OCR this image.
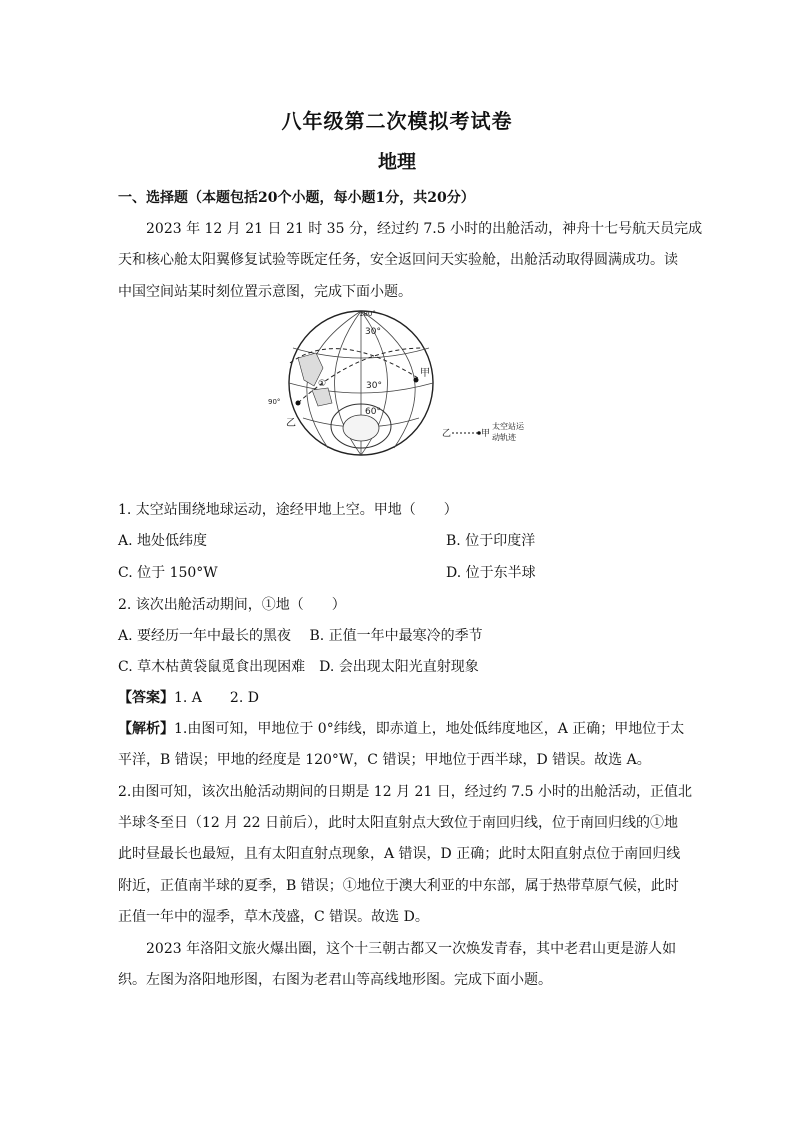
八年级第二次模拟考试卷
地理
一、选择题（本题包括20个小题，每小题1分，共20分）
2023 年 12 月 21 日 21 时 35 分，经过约 7.5 小时的出舱活动，神舟十七号航天员完成
天和核心舱太阳翼修复试验等既定任务，安全返回问天实验舱，出舱活动取得圆满成功。读
中国空间站某时刻位置示意图，完成下面小题。
180°
30°
30°
60°
90°
甲
乙
①
乙	甲
太空站运
动轨迹
1. 太空站围绕地球运动，途经甲地上空。甲地（　　）
A. 地处低纬度	B. 位于印度洋
C. 位于 150°W	D. 位于东半球
2. 该次出舱活动期间，①地（　　）
A. 要经历一年中最长的黑夜　 B. 正值一年中最寒冷的季节
C. 草木枯黄袋鼠觅食出现困难　D. 会出现太阳光直射现象
【答案】1. A　　2. D
【解析】1.由图可知，甲地位于 0°纬线，即赤道上，地处低纬度地区，A 正确；甲地位于太
平洋，B 错误；甲地的经度是 120°W，C 错误；甲地位于西半球，D 错误。故选 A。
2.由图可知，该次出舱活动期间的日期是 12 月 21 日，经过约 7.5 小时的出舱活动，正值北
半球冬至日（12 月 22 日前后），此时太阳直射点大致位于南回归线，位于南回归线的①地
此时昼最长也最短，且有太阳直射点现象，A 错误，D 正确；此时太阳直射点位于南回归线
附近，正值南半球的夏季，B 错误；①地位于澳大利亚的中东部，属于热带草原气候，此时
正值一年中的湿季，草木茂盛，C 错误。故选 D。
2023 年洛阳文旅火爆出圈，这个十三朝古都又一次焕发青春，其中老君山更是游人如
织。左图为洛阳地形图，右图为老君山等高线地形图。完成下面小题。
